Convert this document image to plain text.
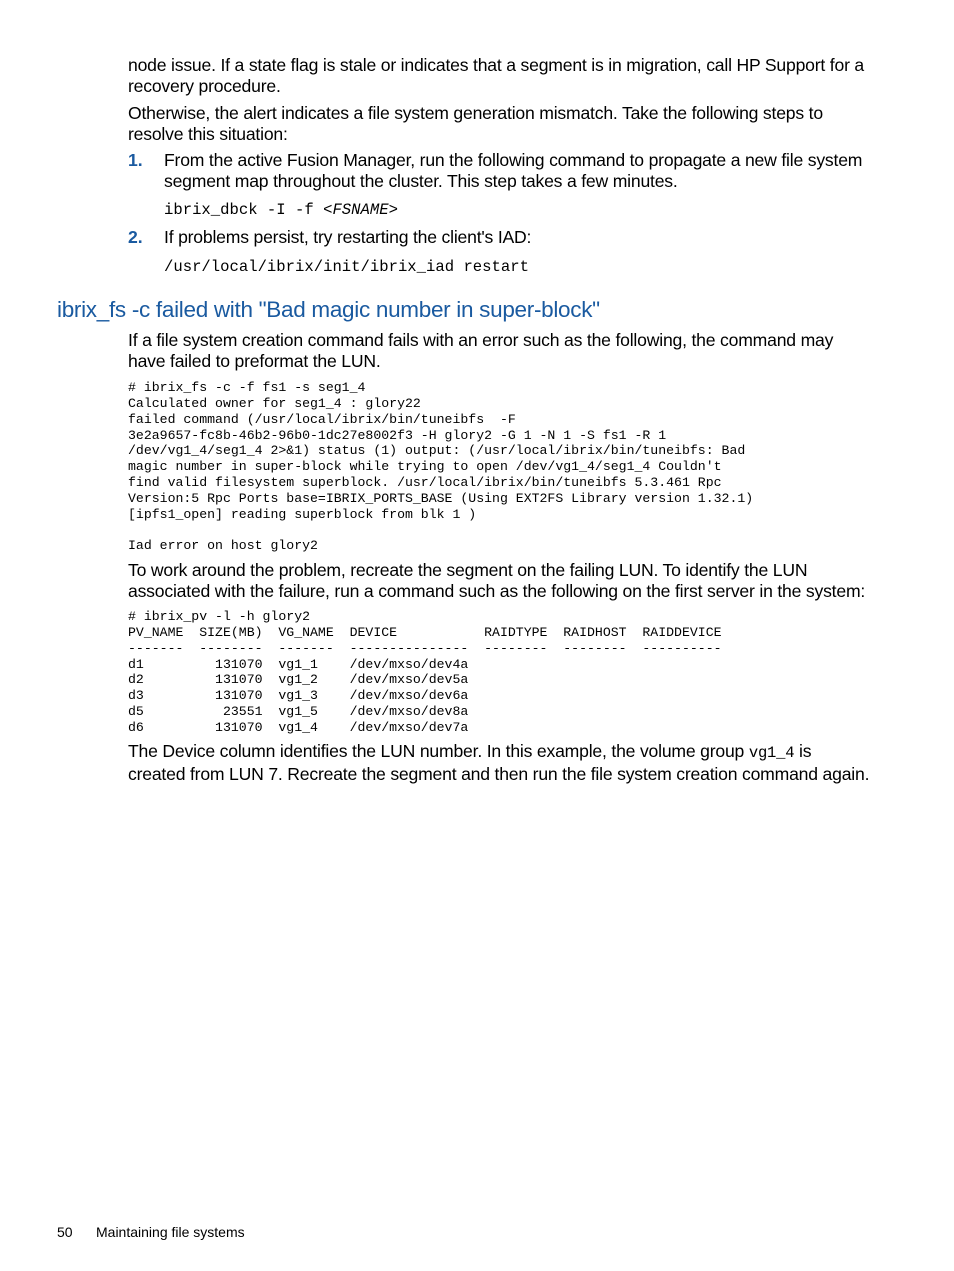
node issue. If a state flag is stale or indicates that a segment is in migration, call HP Support for a recovery procedure.
Otherwise, the alert indicates a file system generation mismatch. Take the following steps to resolve this situation:
1. From the active Fusion Manager, run the following command to propagate a new file system segment map throughout the cluster. This step takes a few minutes.
ibrix_dbck -I -f <FSNAME>
2. If problems persist, try restarting the client's IAD:
/usr/local/ibrix/init/ibrix_iad restart
ibrix_fs -c failed with "Bad magic number in super-block"
If a file system creation command fails with an error such as the following, the command may have failed to preformat the LUN.
# ibrix_fs -c -f fs1 -s seg1_4
Calculated owner for seg1_4 : glory22
failed command (/usr/local/ibrix/bin/tuneibfs  -F
3e2a9657-fc8b-46b2-96b0-1dc27e8002f3 -H glory2 -G 1 -N 1 -S fs1 -R 1
/dev/vg1_4/seg1_4 2>&1) status (1) output: (/usr/local/ibrix/bin/tuneibfs: Bad
magic number in super-block while trying to open /dev/vg1_4/seg1_4 Couldn't
find valid filesystem superblock. /usr/local/ibrix/bin/tuneibfs 5.3.461 Rpc
Version:5 Rpc Ports base=IBRIX_PORTS_BASE (Using EXT2FS Library version 1.32.1)
[ipfs1_open] reading superblock from blk 1 )

Iad error on host glory2
To work around the problem, recreate the segment on the failing LUN. To identify the LUN associated with the failure, run a command such as the following on the first server in the system:
# ibrix_pv -l -h glory2
PV_NAME  SIZE(MB)  VG_NAME  DEVICE           RAIDTYPE  RAIDHOST  RAIDDEVICE
-------  --------  -------  ---------------  --------  --------  ----------
d1         131070  vg1_1    /dev/mxso/dev4a
d2         131070  vg1_2    /dev/mxso/dev5a
d3         131070  vg1_3    /dev/mxso/dev6a
d5          23551  vg1_5    /dev/mxso/dev8a
d6         131070  vg1_4    /dev/mxso/dev7a
The Device column identifies the LUN number. In this example, the volume group vg1_4 is created from LUN 7. Recreate the segment and then run the file system creation command again.
50 Maintaining file systems
